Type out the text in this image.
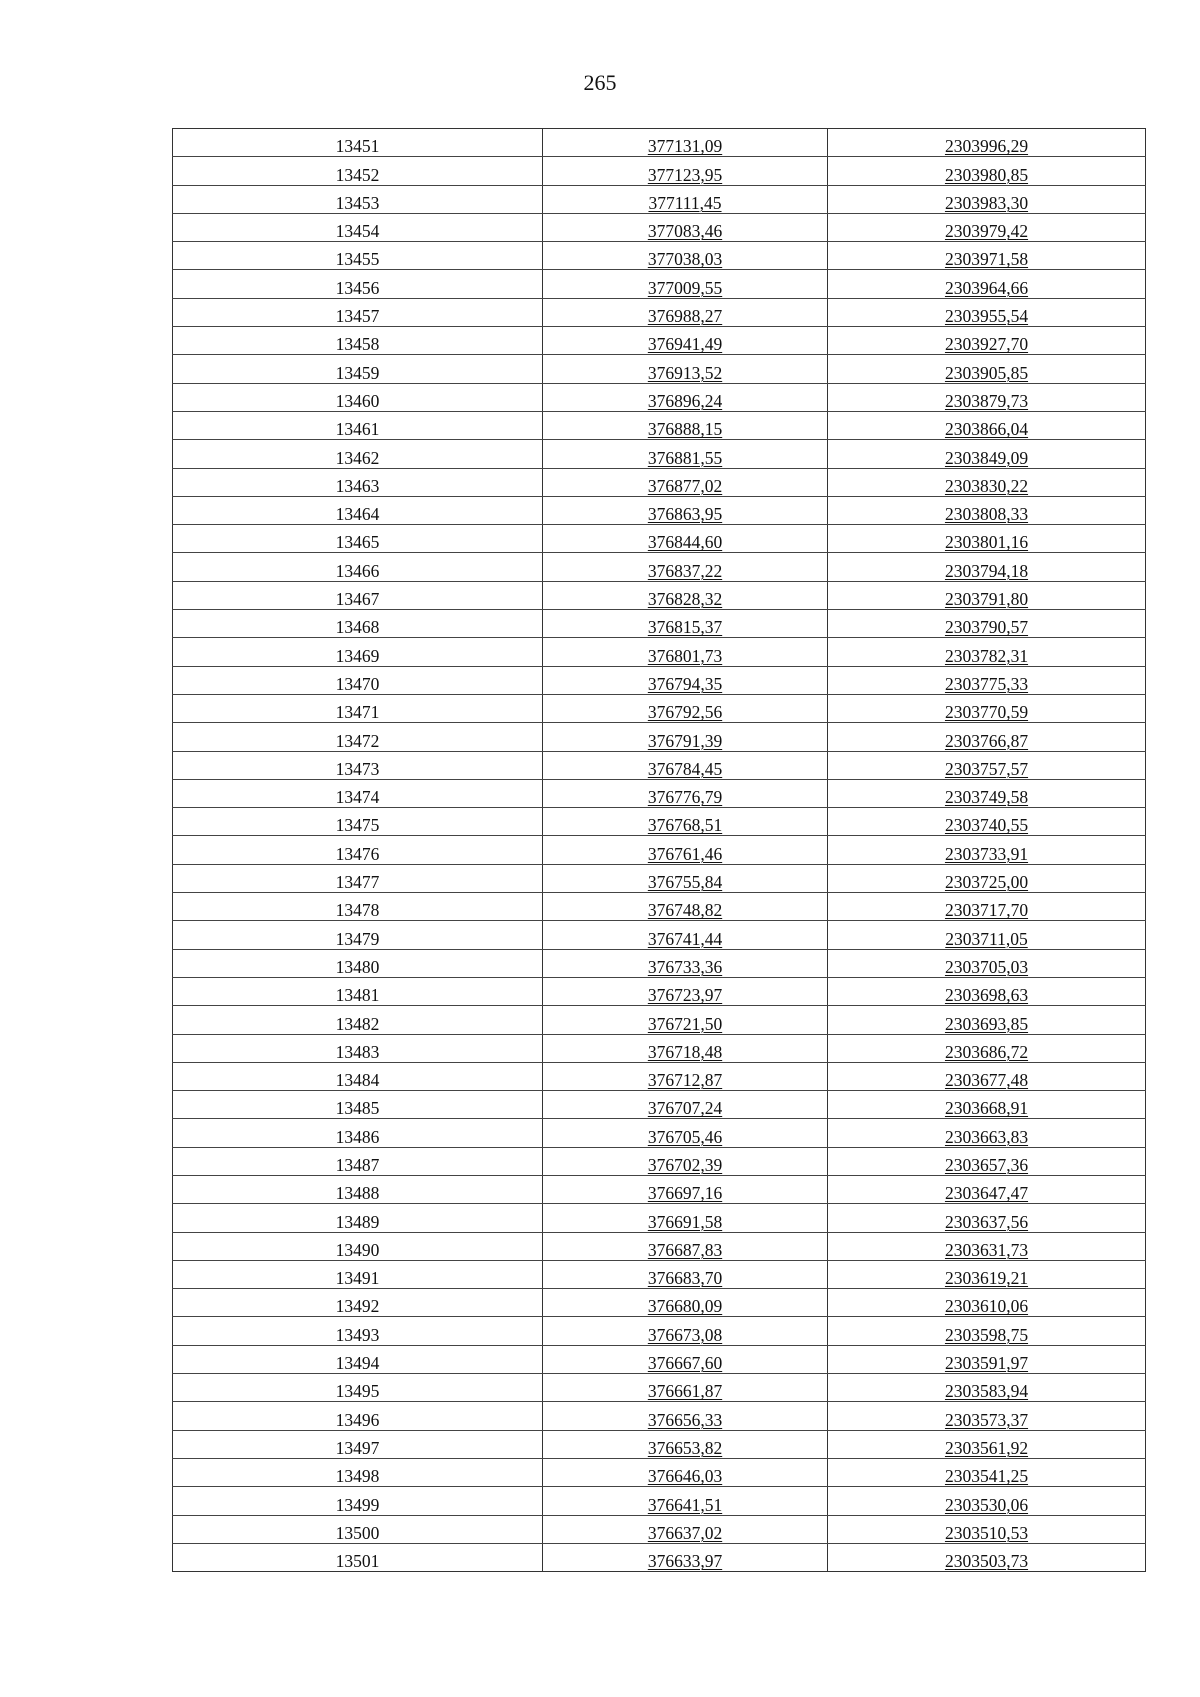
265
13451	377131,09	2303996,29
13452	377123,95	2303980,85
13453	377111,45	2303983,30
13454	377083,46	2303979,42
13455	377038,03	2303971,58
13456	377009,55	2303964,66
13457	376988,27	2303955,54
13458	376941,49	2303927,70
13459	376913,52	2303905,85
13460	376896,24	2303879,73
13461	376888,15	2303866,04
13462	376881,55	2303849,09
13463	376877,02	2303830,22
13464	376863,95	2303808,33
13465	376844,60	2303801,16
13466	376837,22	2303794,18
13467	376828,32	2303791,80
13468	376815,37	2303790,57
13469	376801,73	2303782,31
13470	376794,35	2303775,33
13471	376792,56	2303770,59
13472	376791,39	2303766,87
13473	376784,45	2303757,57
13474	376776,79	2303749,58
13475	376768,51	2303740,55
13476	376761,46	2303733,91
13477	376755,84	2303725,00
13478	376748,82	2303717,70
13479	376741,44	2303711,05
13480	376733,36	2303705,03
13481	376723,97	2303698,63
13482	376721,50	2303693,85
13483	376718,48	2303686,72
13484	376712,87	2303677,48
13485	376707,24	2303668,91
13486	376705,46	2303663,83
13487	376702,39	2303657,36
13488	376697,16	2303647,47
13489	376691,58	2303637,56
13490	376687,83	2303631,73
13491	376683,70	2303619,21
13492	376680,09	2303610,06
13493	376673,08	2303598,75
13494	376667,60	2303591,97
13495	376661,87	2303583,94
13496	376656,33	2303573,37
13497	376653,82	2303561,92
13498	376646,03	2303541,25
13499	376641,51	2303530,06
13500	376637,02	2303510,53
13501	376633,97	2303503,73
